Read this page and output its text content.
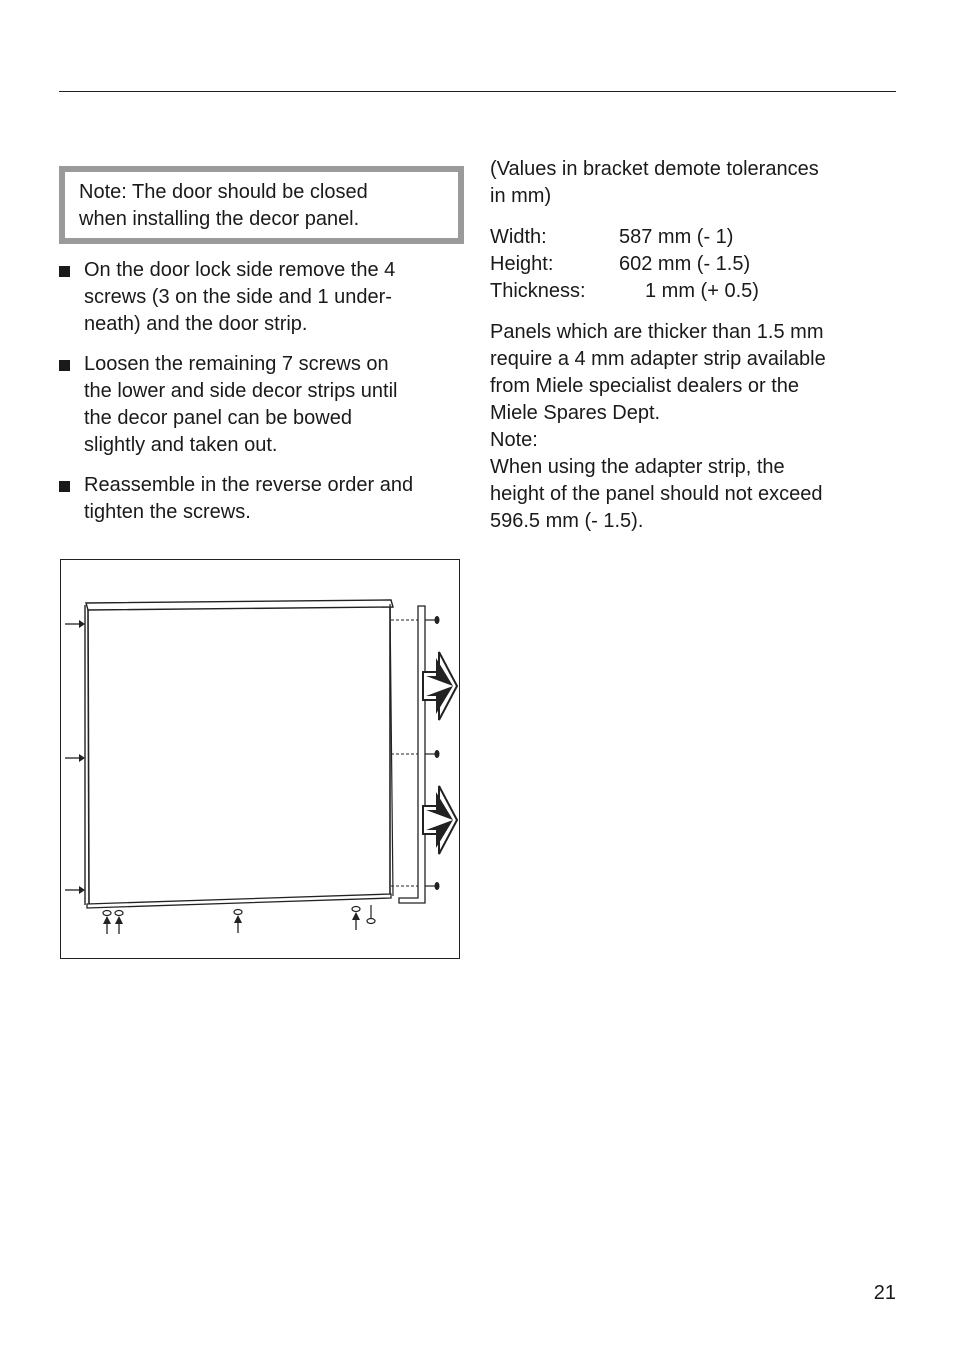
Note: The door should be closed
when installing the decor panel.
On the door lock side remove the 4
screws (3 on the side and 1 under-
neath) and the door strip.
Loosen the remaining 7 screws on
the lower and side decor strips until
the decor panel can be bowed
slightly and taken out.
Reassemble in the reverse order and
tighten the screws.
(Values in bracket demote tolerances
in mm)
Width:	587 mm (- 1)
Height:	602 mm (- 1.5)
Thickness:	1 mm (+ 0.5)
Panels which are thicker than 1.5 mm
require a 4 mm adapter strip available
from Miele specialist dealers or the
Miele Spares Dept.
Note:
When using the adapter strip, the
height of the panel should not exceed
596.5 mm (- 1.5).
21
